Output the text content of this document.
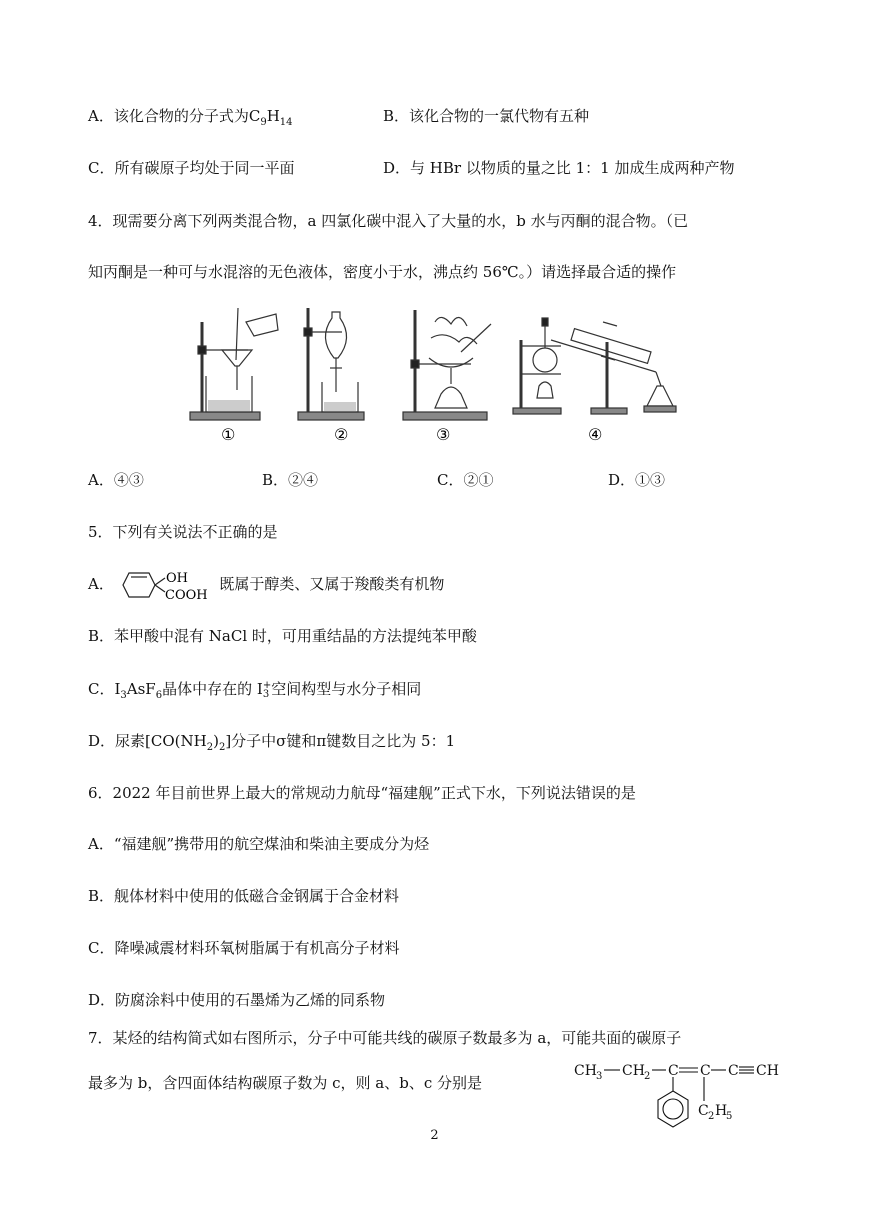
A．该化合物的分子式为$C_9H_{14}$	B．该化合物的一氯代物有五种
C．所有碳原子均处于同一平面	D．与 HBr 以物质的量之比 1：1 加成生成两种产物
4．现需要分离下列两类混合物，a 四氯化碳中混入了大量的水，b 水与丙酮的混合物。（已
知丙酮是一种可与水混溶的无色液体，密度小于水，沸点约 56℃。）请选择最合适的操作
①	②	③	④
A．④③	B．②④	C．②①	D．①③
5．下列有关说法不正确的是
A．	OH
COOH
既属于醇类、又属于羧酸类有机物
B．苯甲酸中混有 NaCl 时，可用重结晶的方法提纯苯甲酸
C．$I_3AsF_6$晶体中存在的 I +
3 空间构型与水分子相同
D．尿素$[CO(NH_2)_2]$分子中σ键和π键数目之比为 5：1
6．2022 年目前世界上最大的常规动力航母“福建舰”正式下水，下列说法错误的是
A．“福建舰”携带用的航空煤油和柴油主要成分为烃
B．舰体材料中使用的低磁合金钢属于合金材料
C．降噪减震材料环氧树脂属于有机高分子材料
D．防腐涂料中使用的石墨烯为乙烯的同系物
7．某烃的结构简式如右图所示，分子中可能共线的碳原子数最多为 a，可能共面的碳原子
最多为 b，含四面体结构碳原子数为 c，则 a、b、c 分别是
CH 3 CH 2 C C C CH
C 2 H
5
2
